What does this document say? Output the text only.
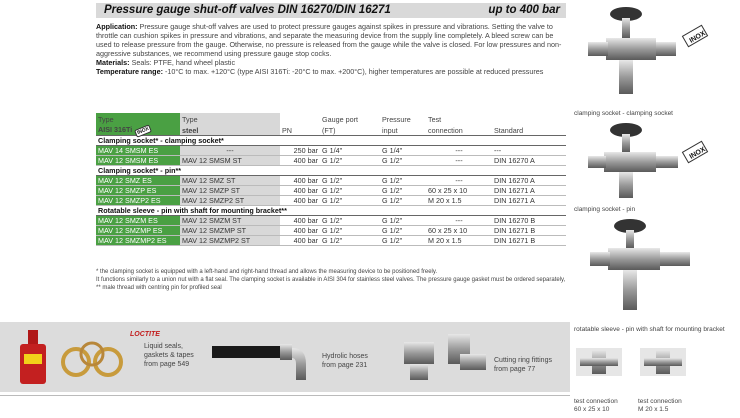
Pressure gauge shut-off valves DIN 16270/DIN 16271	up to 400 bar

Application: Pressure gauge shut-off valves are used to protect pressure gauges against spikes in pressure and vibrations. Setting the valve to throttle can cushion spikes in pressure and vibrations, and separate the measuring device from the supply line completely. A bleed screw can be used to release pressure from the gauge. Otherwise, no pressure is released from the gauge while the valve is closed. For low pressures and non-aggressive substances, we recommend using pressure gauge stop cocks.

Materials: Seals: PTFE, hand wheel plastic

Temperature range: -10°C to max. +120°C (type AISI 316Ti: -20°C to max. +200°C), higher temperatures are possible at reduced pressures

Type	Type		Gauge port	Pressure	Test	
AISI 316Ti INOX	steel	PN	(FT)	input	connection	Standard
Clamping socket* - clamping socket*						
MAV 14 SMSM ES	---	250 bar	G 1/4"	G 1/4"	---	---
MAV 12 SMSM ES	MAV 12 SMSM ST	400 bar	G 1/2"	G 1/2"	---	DIN 16270 A
Clamping socket* - pin**						
MAV 12 SMZ ES	MAV 12 SMZ ST	400 bar	G 1/2"	G 1/2"	---	DIN 16270 A
MAV 12 SMZP ES	MAV 12 SMZP ST	400 bar	G 1/2"	G 1/2"	60 x 25 x 10	DIN 16271 A
MAV 12 SMZP2 ES	MAV 12 SMZP2 ST	400 bar	G 1/2"	G 1/2"	M 20 x 1.5	DIN 16271 A
Rotatable sleeve - pin with shaft for mounting bracket**						
MAV 12 SMZM ES	MAV 12 SMZM ST	400 bar	G 1/2"	G 1/2"	---	DIN 16270 B
MAV 12 SMZMP ES	MAV 12 SMZMP ST	400 bar	G 1/2"	G 1/2"	60 x 25 x 10	DIN 16271 B
MAV 12 SMZMP2 ES	MAV 12 SMZMP2 ST	400 bar	G 1/2"	G 1/2"	M 20 x 1.5	DIN 16271 B
* the clamping socket is equipped with a left-hand and right-hand thread and allows the measuring device to be positioned freely.
It functions similarly to a union nut with a flat seal. The clamping socket is available in AISI 304 for stainless steel valves. The pressure gauge gasket must be ordered separately, ** male thread with centring pin for profiled seal
INOX
clamping socket - clamping socket
INOX
clamping socket - pin
rotatable sleeve - pin with shaft for mounting bracket
test connection
60 x 25 x 10
test connection
M 20 x 1.5
LOCTITE
Liquid seals,
gaskets & tapes
from page 549
Hydrolic hoses
from page 231
Cutting ring fittings
from page 77
